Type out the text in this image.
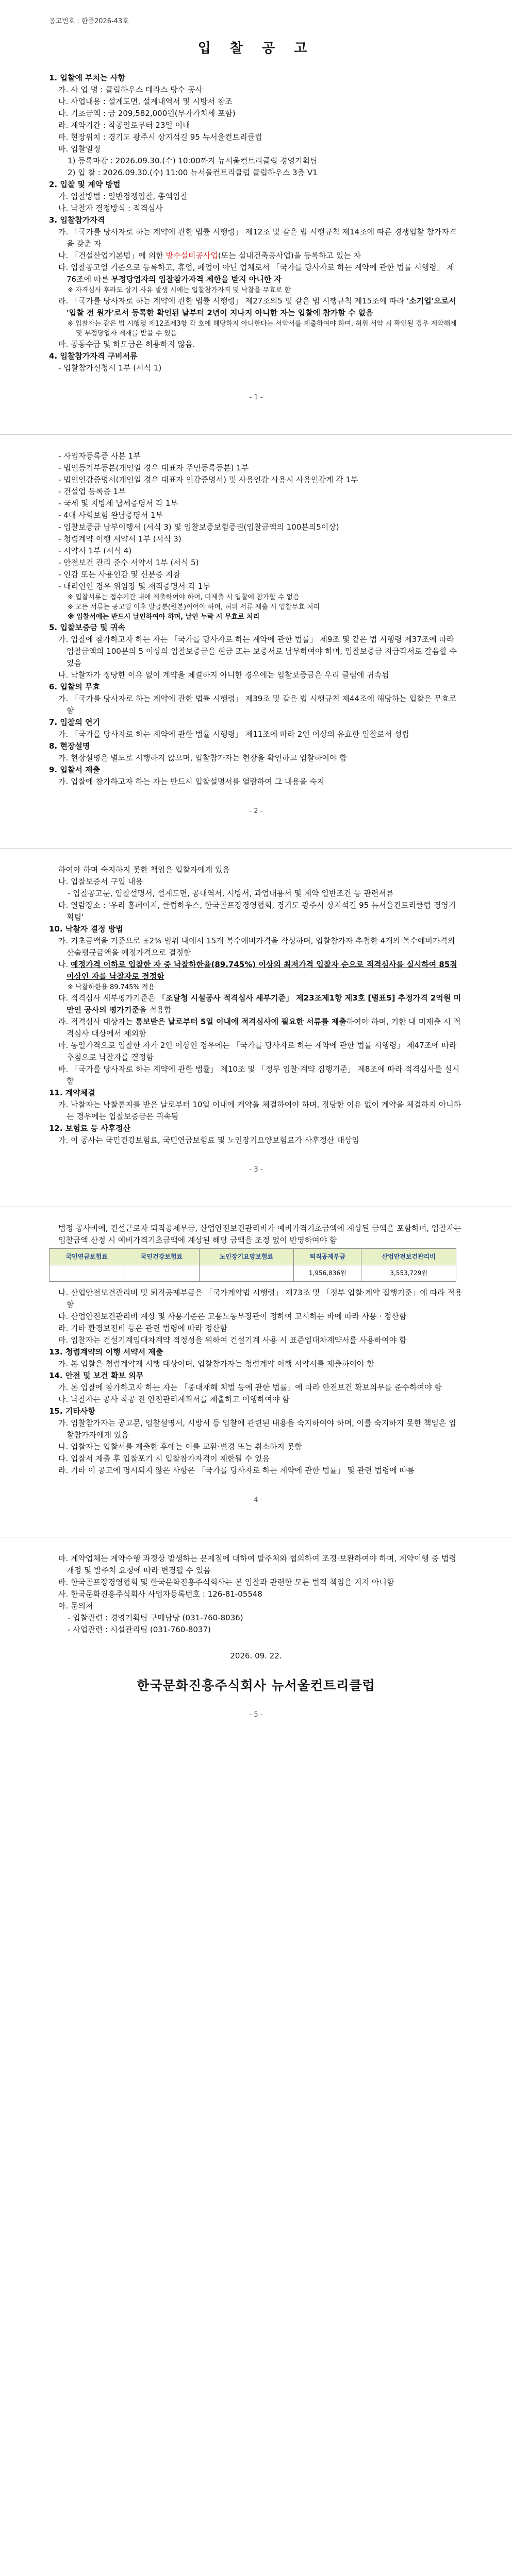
공고번호 : 한중2026-43호
입 찰 공 고

1. 입찰에 부치는 사항

가. 사 업 명 : 클럽하우스 테라스 방수 공사

나. 사업내용 : 설계도면, 설계내역서 및 시방서 참조

다. 기초금액 : 금 209,582,000원(부가가치세 포함)

라. 계약기간 : 착공일로부터 23일 이내

마. 현장위치 : 경기도 광주시 상지석길 95 뉴서울컨트리클럽

바. 입찰일정

1) 등록마감 : 2026.09.30.(수) 10:00까지 뉴서울컨트리클럽 경영기획팀

2) 입 찰 : 2026.09.30.(수) 11:00 뉴서울컨트리클럽 클럽하우스 3층 V1

2. 입찰 및 계약 방법

가. 입찰방법 : 일반경쟁입찰, 총액입찰

나. 낙찰자 결정방식 : 적격심사

3. 입찰참가자격

가. 「국가를 당사자로 하는 계약에 관한 법률 시행령」 제12조 및 같은 법 시행규칙 제14조에 따른 경쟁입찰 참가자격을 갖춘 자

나. 「건설산업기본법」에 의한 방수설비공사업(또는 실내건축공사업)을 등록하고 있는 자

다. 입찰공고일 기준으로 등록하고, 휴업, 폐업이 아닌 업체로서 「국가를 당사자로 하는 계약에 관한 법률 시행령」 제76조에 따른 부정당업자의 입찰참가자격 제한을 받지 아니한 자

※ 자격심사 후라도 상기 사유 발생 시에는 입찰참가자격 및 낙찰을 무효로 함

라. 「국가를 당사자로 하는 계약에 관한 법률 시행령」 제27조의5 및 같은 법 시행규칙 제15조에 따라 '소기업'으로서 '입찰 전 원가'로서 등록한 확인된 날부터 2년이 지나지 아니한 자는 입찰에 참가할 수 없음

※ 입찰자는 같은 법 시행령 제12조제3항 각 호에 해당하지 아니한다는 서약서를 제출하여야 하며, 허위 서약 시 확인될 경우 계약해제 및 부정당업자 제재를 받을 수 있음

마. 공동수급 및 하도급은 허용하지 않음.

4. 입찰참가자격 구비서류

- 입찰참가신청서 1부 (서식 1)

- 1 -

- 사업자등록증 사본 1부

- 법인등기부등본(개인일 경우 대표자 주민등록등본) 1부

- 법인인감증명서(개인일 경우 대표자 인감증명서) 및 사용인감 사용시 사용인감계 각 1부

- 건설업 등록증 1부

- 국세 및 지방세 납세증명서 각 1부

- 4대 사회보험 완납증명서 1부

- 입찰보증금 납부이행서 (서식 3) 및 입찰보증보험증권(입찰금액의 100분의5이상)

- 청렴계약 이행 서약서 1부 (서식 3)

- 서약서 1부 (서식 4)

- 안전보건 관리 준수 서약서 1부 (서식 5)

- 인감 또는 사용인감 및 신분증 지참

- 대리인인 경우 위임장 및 재직증명서 각 1부

※ 입찰서류는 접수기간 내에 제출하여야 하며, 미제출 시 입찰에 참가할 수 없음

※ 모든 서류는 공고일 이후 발급분(원본)이어야 하며, 허위 서류 제출 시 입찰무효 처리

※ 입찰서에는 반드시 날인하여야 하며, 날인 누락 시 무효로 처리

5. 입찰보증금 및 귀속

가. 입찰에 참가하고자 하는 자는 「국가를 당사자로 하는 계약에 관한 법률」 제9조 및 같은 법 시행령 제37조에 따라 입찰금액의 100분의 5 이상의 입찰보증금을 현금 또는 보증서로 납부하여야 하며, 입찰보증금 지급각서로 갈음할 수 있음

나. 낙찰자가 정당한 이유 없이 계약을 체결하지 아니한 경우에는 입찰보증금은 우리 클럽에 귀속됨

6. 입찰의 무효

가. 「국가를 당사자로 하는 계약에 관한 법률 시행령」 제39조 및 같은 법 시행규칙 제44조에 해당하는 입찰은 무효로 함

7. 입찰의 연기

가. 「국가를 당사자로 하는 계약에 관한 법률 시행령」 제11조에 따라 2인 이상의 유효한 입찰로서 성립

8. 현장설명

가. 현장설명은 별도로 시행하지 않으며, 입찰참가자는 현장을 확인하고 입찰하여야 함

9. 입찰서 제출

가. 입찰에 참가하고자 하는 자는 반드시 입찰설명서를 열람하여 그 내용을 숙지

- 2 -

하여야 하며 숙지하지 못한 책임은 입찰자에게 있음

나. 입찰보증서 구입 내용

- 입찰공고문, 입찰설명서, 설계도면, 공내역서, 시방서, 과업내용서 및 계약 일반조건 등 관련서류

다. 열람장소 : '우리 홈페이지, 클럽하우스, 한국골프장경영협회, 경기도 광주시 상지석길 95 뉴서울컨트리클럽 경영기획팀'

10. 낙찰자 결정 방법

가. 기초금액을 기준으로 ±2% 범위 내에서 15개 복수예비가격을 작성하며, 입찰참가자 추첨한 4개의 복수예비가격의 산술평균금액을 예정가격으로 결정함

나. 예정가격 이하로 입찰한 자 중 낙찰하한율(89.745%) 이상의 최저가격 입찰자 순으로 적격심사를 실시하여 85점 이상인 자를 낙찰자로 결정함

※ 낙찰하한율 89.745% 적용

다. 적격심사 세부평가기준은 「조달청 시설공사 적격심사 세부기준」 제23조제1항 제3호 [별표5] 추정가격 2억원 미만인 공사의 평가기준을 적용함

라. 적격심사 대상자는 통보받은 날로부터 5일 이내에 적격심사에 필요한 서류를 제출하여야 하며, 기한 내 미제출 시 적격심사 대상에서 제외함

마. 동일가격으로 입찰한 자가 2인 이상인 경우에는 「국가를 당사자로 하는 계약에 관한 법률 시행령」 제47조에 따라 추첨으로 낙찰자를 결정함

바. 「국가를 당사자로 하는 계약에 관한 법률」 제10조 및 「정부 입찰·계약 집행기준」 제8조에 따라 적격심사를 실시함

11. 계약체결

가. 낙찰자는 낙찰통지를 받은 날로부터 10일 이내에 계약을 체결하여야 하며, 정당한 이유 없이 계약을 체결하지 아니하는 경우에는 입찰보증금은 귀속됨

12. 보험료 등 사후정산

가. 이 공사는 국민건강보험료, 국민연금보험료 및 노인장기요양보험료가 사후정산 대상임

- 3 -

법정 공사비에, 건설근로자 퇴직공제부금, 산업안전보건관리비가 예비가격기초금액에 계상된 금액을 포함하며, 입찰자는 입찰금액 산정 시 예비가격기초금액에 계상된 해당 금액을 조정 없이 반영하여야 함

국민연금보험료	국민건강보험료	노인장기요양보험료	퇴직공제부금	산업안전보건관리비
			1,956,836원	3,553,729원

나. 산업안전보건관리비 및 퇴직공제부금은 「국가계약법 시행령」 제73조 및 「정부 입찰·계약 집행기준」에 따라 적용함

다. 산업안전보건관리비 계상 및 사용기준은 고용노동부장관이 정하여 고시하는 바에 따라 사용 · 정산함

라. 기타 환경보전비 등은 관련 법령에 따라 정산함

마. 입찰자는 건설기계임대차계약 적정성을 위하여 건설기계 사용 시 표준임대차계약서를 사용하여야 함

13. 청렴계약의 이행 서약서 제출

가. 본 입찰은 청렴계약제 시행 대상이며, 입찰참가자는 청렴계약 이행 서약서를 제출하여야 함

14. 안전 및 보건 확보 의무

가. 본 입찰에 참가하고자 하는 자는 「중대재해 처벌 등에 관한 법률」에 따라 안전보건 확보의무를 준수하여야 함

나. 낙찰자는 공사 착공 전 안전관리계획서를 제출하고 이행하여야 함

15. 기타사항

가. 입찰참가자는 공고문, 입찰설명서, 시방서 등 입찰에 관련된 내용을 숙지하여야 하며, 이를 숙지하지 못한 책임은 입찰참가자에게 있음

나. 입찰자는 입찰서를 제출한 후에는 이를 교환·변경 또는 취소하지 못함

다. 입찰서 제출 후 입찰포기 시 입찰참가자격이 제한될 수 있음

라. 기타 이 공고에 명시되지 않은 사항은 「국가를 당사자로 하는 계약에 관한 법률」 및 관련 법령에 따름

- 4 -

마. 계약업체는 계약수행 과정상 발생하는 문제점에 대하여 발주처와 협의하여 조정·보완하여야 하며, 계약이행 중 법령 개정 및 발주처 요청에 따라 변경될 수 있음

바. 한국골프장경영협회 및 한국문화진흥주식회사는 본 입찰과 관련한 모든 법적 책임을 지지 아니함

사. 한국문화진흥주식회사 사업자등록번호 : 126-81-05548

아. 문의처

- 입찰관련 : 경영기획팀 구매담당 (031-760-8036)

- 사업관련 : 시설관리팀 (031-760-8037)

2026. 09. 22.
한국문화진흥주식회사 뉴서울컨트리클럽
- 5 -
